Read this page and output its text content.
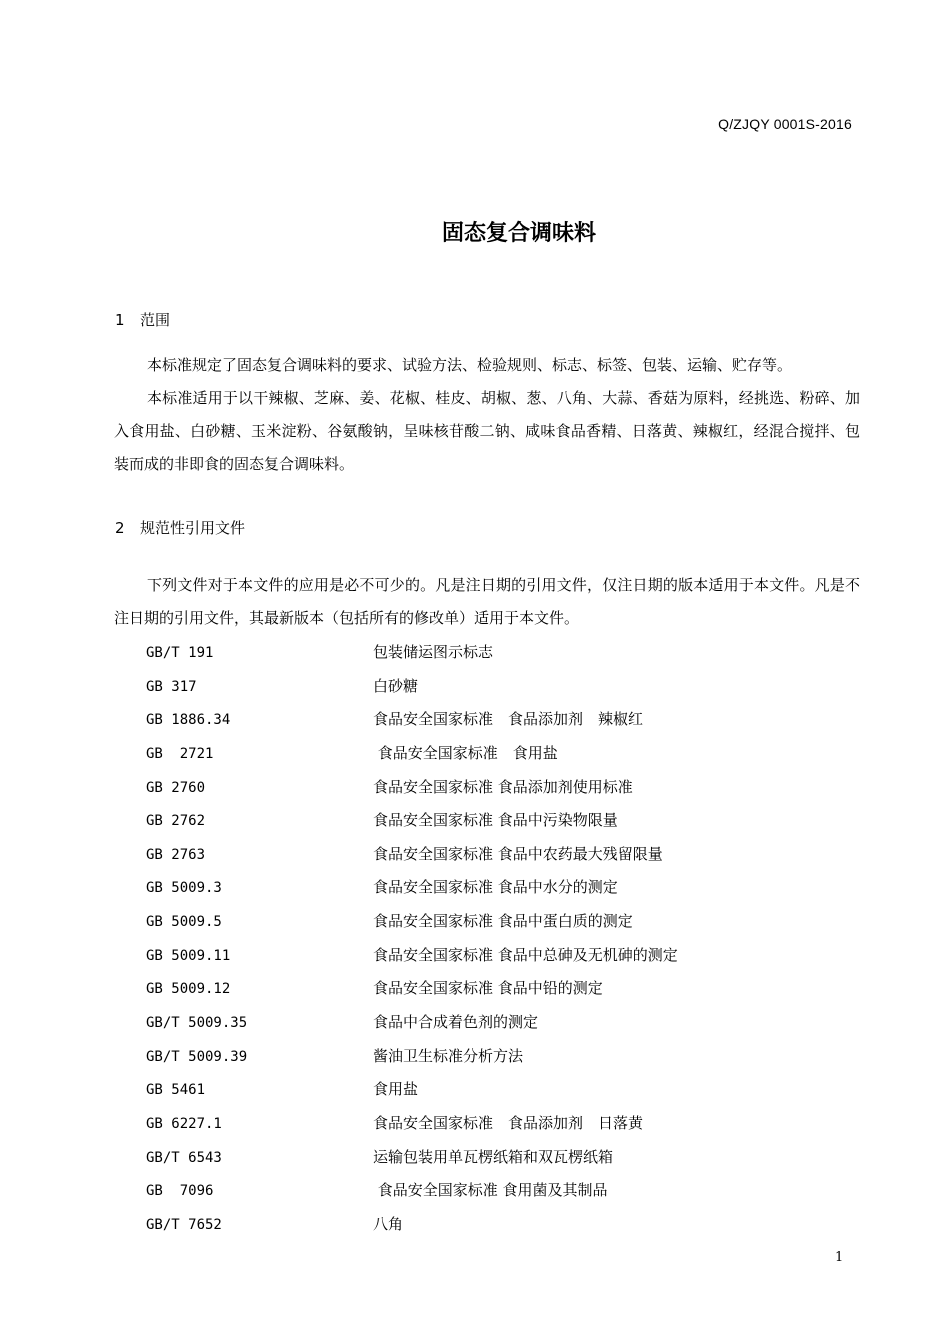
Q/ZJQY 0001S-2016
固态复合调味料
1 范围

本标准规定了固态复合调味料的要求、试验方法、检验规则、标志、标签、包装、运输、贮存等。

本标准适用于以干辣椒、芝麻、姜、花椒、桂皮、胡椒、葱、八角、大蒜、香菇为原料，经挑选、粉碎、加入食用盐、白砂糖、玉米淀粉、谷氨酸钠，呈味核苷酸二钠、咸味食品香精、日落黄、辣椒红，经混合搅拌、包装而成的非即食的固态复合调味料。

2 规范性引用文件

下列文件对于本文件的应用是必不可少的。凡是注日期的引用文件，仅注日期的版本适用于本文件。凡是不注日期的引用文件，其最新版本（包括所有的修改单）适用于本文件。

GB/T 191	包装储运图示标志
GB 317	白砂糖
GB 1886.34	食品安全国家标准　食品添加剂　辣椒红
GB  2721	食品安全国家标准　食用盐
GB 2760	食品安全国家标准 食品添加剂使用标准
GB 2762	食品安全国家标准 食品中污染物限量
GB 2763	食品安全国家标准 食品中农药最大残留限量
GB 5009.3	食品安全国家标准 食品中水分的测定
GB 5009.5	食品安全国家标准 食品中蛋白质的测定
GB 5009.11	食品安全国家标准 食品中总砷及无机砷的测定
GB 5009.12	食品安全国家标准 食品中铅的测定
GB/T 5009.35	食品中合成着色剂的测定
GB/T 5009.39	酱油卫生标准分析方法
GB 5461	食用盐
GB 6227.1	食品安全国家标准　食品添加剂　日落黄
GB/T 6543	运输包装用单瓦楞纸箱和双瓦楞纸箱
GB  7096	食品安全国家标准 食用菌及其制品
GB/T 7652	八角
1
